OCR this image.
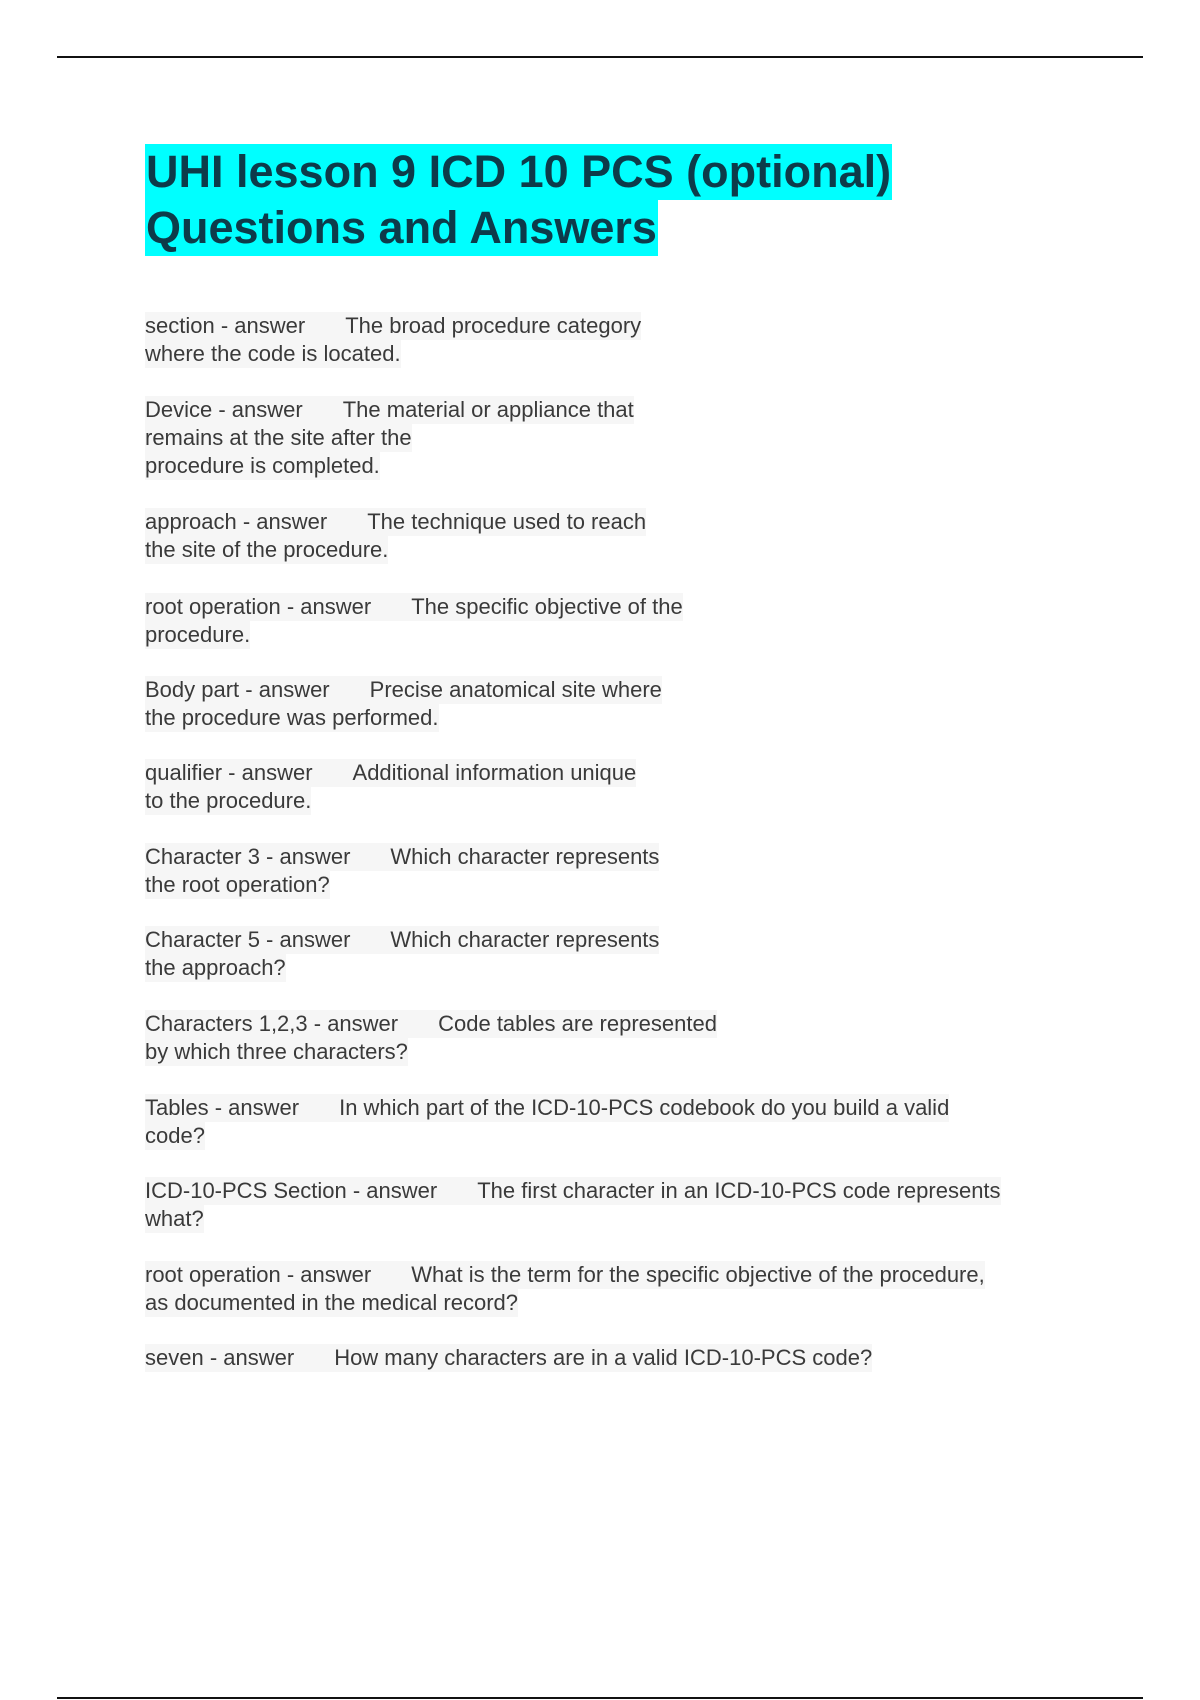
UHI lesson 9 ICD 10 PCS (optional)
Questions and Answers

section - answer The broad procedure category
where the code is located.

Device - answer The material or appliance that
remains at the site after the
procedure is completed.

approach - answer The technique used to reach
the site of the procedure.

root operation - answer The specific objective of the
procedure.

Body part - answer Precise anatomical site where
the procedure was performed.

qualifier - answer Additional information unique
to the procedure.

Character 3 - answer Which character represents
the root operation?

Character 5 - answer Which character represents
the approach?

Characters 1,2,3 - answer Code tables are represented
by which three characters?

Tables - answer In which part of the ICD-10-PCS codebook do you build a valid
code?

ICD-10-PCS Section - answer The first character in an ICD-10-PCS code represents
what?

root operation - answer What is the term for the specific objective of the procedure,
as documented in the medical record?

seven - answer How many characters are in a valid ICD-10-PCS code?
